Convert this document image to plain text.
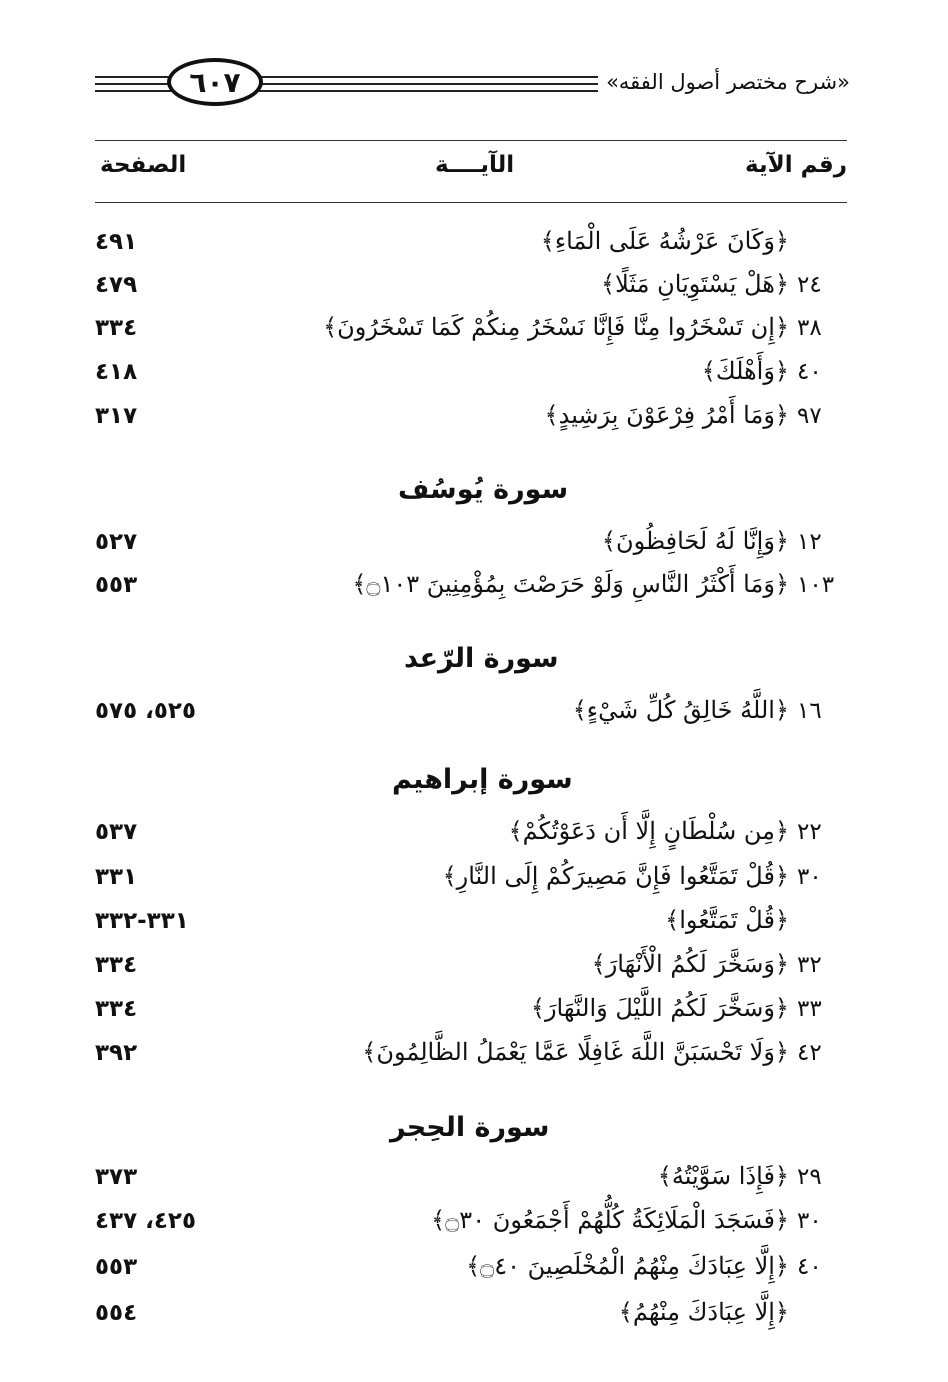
«شرح مختصر أصول الفقه»
٦٠٧
رقم الآية
الآيــــة
الصفحة
﴿وَكَانَ عَرْشُهُ عَلَى الْمَاءِ﴾
٤٩١
٢٤
﴿هَلْ يَسْتَوِيَانِ مَثَلًا﴾
٤٧٩
٣٨
﴿إِن تَسْخَرُوا مِنَّا فَإِنَّا نَسْخَرُ مِنكُمْ كَمَا تَسْخَرُونَ﴾
٣٣٤
٤٠
﴿وَأَهْلَكَ﴾
٤١٨
٩٧
﴿وَمَا أَمْرُ فِرْعَوْنَ بِرَشِيدٍ﴾
٣١٧
سورة يُوسُف
١٢
﴿وَإِنَّا لَهُ لَحَافِظُونَ﴾
٥٢٧
١٠٣
﴿وَمَا أَكْثَرُ النَّاسِ وَلَوْ حَرَصْتَ بِمُؤْمِنِينَ ۝١٠٣﴾
٥٥٣
سورة الرّعد
١٦
﴿اللَّهُ خَالِقُ كُلِّ شَيْءٍ﴾
٥٢٥، ٥٧٥
سورة إبراهيم
٢٢
﴿مِن سُلْطَانٍ إِلَّا أَن دَعَوْتُكُمْ﴾
٥٣٧
٣٠
﴿قُلْ تَمَتَّعُوا فَإِنَّ مَصِيرَكُمْ إِلَى النَّارِ﴾
٣٣١
﴿قُلْ تَمَتَّعُوا﴾
٣٣١-٣٣٢
٣٢
﴿وَسَخَّرَ لَكُمُ الْأَنْهَارَ﴾
٣٣٤
٣٣
﴿وَسَخَّرَ لَكُمُ اللَّيْلَ وَالنَّهَارَ﴾
٣٣٤
٤٢
﴿وَلَا تَحْسَبَنَّ اللَّهَ غَافِلًا عَمَّا يَعْمَلُ الظَّالِمُونَ﴾
٣٩٢
سورة الحِجر
٢٩
﴿فَإِذَا سَوَّيْتُهُ﴾
٣٧٣
٣٠
﴿فَسَجَدَ الْمَلَائِكَةُ كُلُّهُمْ أَجْمَعُونَ ۝٣٠﴾
٤٢٥، ٤٣٧
٤٠
﴿إِلَّا عِبَادَكَ مِنْهُمُ الْمُخْلَصِينَ ۝٤٠﴾
٥٥٣
﴿إِلَّا عِبَادَكَ مِنْهُمُ﴾
٥٥٤
